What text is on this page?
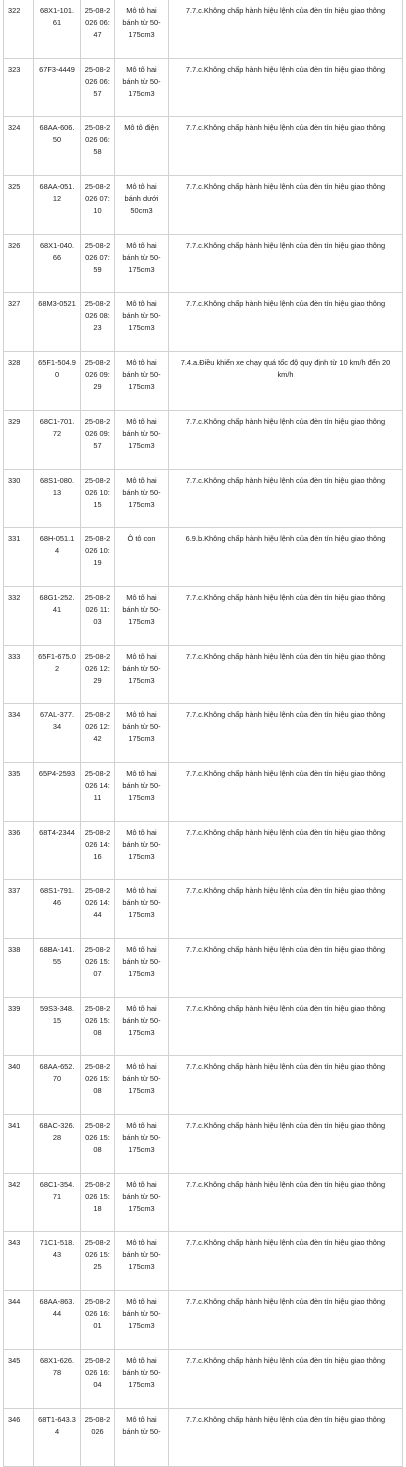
322	68X1-101.61	25-08-2026 06:47	Mô tô hai bánh từ 50-175cm3	7.7.c.Không chấp hành hiệu lệnh của đèn tín hiệu giao thông
323	67F3-4449	25-08-2026 06:57	Mô tô hai bánh từ 50-175cm3	7.7.c.Không chấp hành hiệu lệnh của đèn tín hiệu giao thông
324	68AA-606.50	25-08-2026 06:58	Mô tô điện	7.7.c.Không chấp hành hiệu lệnh của đèn tín hiệu giao thông
325	68AA-051.12	25-08-2026 07:10	Mô tô hai bánh dưới 50cm3	7.7.c.Không chấp hành hiệu lệnh của đèn tín hiệu giao thông
326	68X1-040.66	25-08-2026 07:59	Mô tô hai bánh từ 50-175cm3	7.7.c.Không chấp hành hiệu lệnh của đèn tín hiệu giao thông
327	68M3-0521	25-08-2026 08:23	Mô tô hai bánh từ 50-175cm3	7.7.c.Không chấp hành hiệu lệnh của đèn tín hiệu giao thông
328	65F1-504.90	25-08-2026 09:29	Mô tô hai bánh từ 50-175cm3	7.4.a.Điều khiển xe chạy quá tốc độ quy định từ 10 km/h đến 20 km/h
329	68C1-701.72	25-08-2026 09:57	Mô tô hai bánh từ 50-175cm3	7.7.c.Không chấp hành hiệu lệnh của đèn tín hiệu giao thông
330	68S1-080.13	25-08-2026 10:15	Mô tô hai bánh từ 50-175cm3	7.7.c.Không chấp hành hiệu lệnh của đèn tín hiệu giao thông
331	68H-051.14	25-08-2026 10:19	Ô tô con	6.9.b.Không chấp hành hiệu lệnh của đèn tín hiệu giao thông
332	68G1-252.41	25-08-2026 11:03	Mô tô hai bánh từ 50-175cm3	7.7.c.Không chấp hành hiệu lệnh của đèn tín hiệu giao thông
333	65F1-675.02	25-08-2026 12:29	Mô tô hai bánh từ 50-175cm3	7.7.c.Không chấp hành hiệu lệnh của đèn tín hiệu giao thông
334	67AL-377.34	25-08-2026 12:42	Mô tô hai bánh từ 50-175cm3	7.7.c.Không chấp hành hiệu lệnh của đèn tín hiệu giao thông
335	65P4-2593	25-08-2026 14:11	Mô tô hai bánh từ 50-175cm3	7.7.c.Không chấp hành hiệu lệnh của đèn tín hiệu giao thông
336	68T4-2344	25-08-2026 14:16	Mô tô hai bánh từ 50-175cm3	7.7.c.Không chấp hành hiệu lệnh của đèn tín hiệu giao thông
337	68S1-791.46	25-08-2026 14:44	Mô tô hai bánh từ 50-175cm3	7.7.c.Không chấp hành hiệu lệnh của đèn tín hiệu giao thông
338	68BA-141.55	25-08-2026 15:07	Mô tô hai bánh từ 50-175cm3	7.7.c.Không chấp hành hiệu lệnh của đèn tín hiệu giao thông
339	59S3-348.15	25-08-2026 15:08	Mô tô hai bánh từ 50-175cm3	7.7.c.Không chấp hành hiệu lệnh của đèn tín hiệu giao thông
340	68AA-652.70	25-08-2026 15:08	Mô tô hai bánh từ 50-175cm3	7.7.c.Không chấp hành hiệu lệnh của đèn tín hiệu giao thông
341	68AC-326.28	25-08-2026 15:08	Mô tô hai bánh từ 50-175cm3	7.7.c.Không chấp hành hiệu lệnh của đèn tín hiệu giao thông
342	68C1-354.71	25-08-2026 15:18	Mô tô hai bánh từ 50-175cm3	7.7.c.Không chấp hành hiệu lệnh của đèn tín hiệu giao thông
343	71C1-518.43	25-08-2026 15:25	Mô tô hai bánh từ 50-175cm3	7.7.c.Không chấp hành hiệu lệnh của đèn tín hiệu giao thông
344	68AA-863.44	25-08-2026 16:01	Mô tô hai bánh từ 50-175cm3	7.7.c.Không chấp hành hiệu lệnh của đèn tín hiệu giao thông
345	68X1-626.78	25-08-2026 16:04	Mô tô hai bánh từ 50-175cm3	7.7.c.Không chấp hành hiệu lệnh của đèn tín hiệu giao thông
346	68T1-643.34	25-08-2026	Mô tô hai bánh từ 50-	7.7.c.Không chấp hành hiệu lệnh của đèn tín hiệu giao thông
